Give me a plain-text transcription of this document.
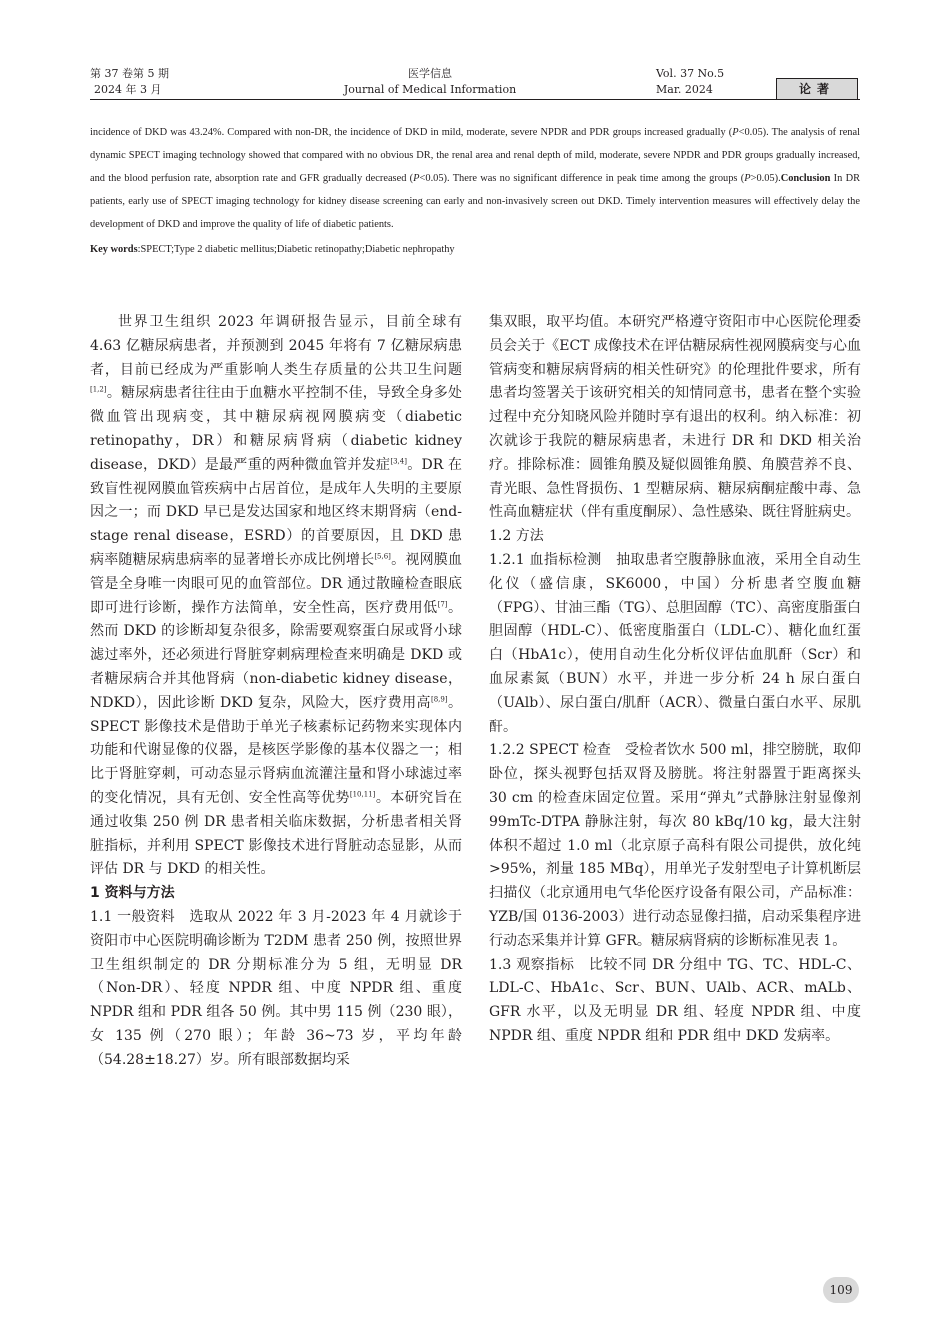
第 37 卷第 5 期
2024 年 3 月
医学信息
Journal of Medical Information
Vol. 37 No.5
Mar. 2024	论著

incidence of DKD was 43.24%. Compared with non-DR, the incidence of DKD in mild, moderate, severe NPDR and PDR groups increased gradually (P<0.05). The analysis of renal dynamic SPECT imaging technology showed that compared with no obvious DR, the renal area and renal depth of mild, moderate, severe NPDR and PDR groups gradually increased, and the blood perfusion rate, absorption rate and GFR gradually decreased (P<0.05). There was no significant difference in peak time among the groups (P>0.05).Conclusion In DR patients, early use of SPECT imaging technology for kidney disease screening can early and non-invasively screen out DKD. Timely intervention measures will effectively delay the development of DKD and improve the quality of life of diabetic patients.

Key words:SPECT;Type 2 diabetic mellitus;Diabetic retinopathy;Diabetic nephropathy

世界卫生组织 2023 年调研报告显示，目前全球有 4.63 亿糖尿病患者，并预测到 2045 年将有 7 亿糖尿病患者，目前已经成为严重影响人类生存质量的公共卫生问题[1,2]。糖尿病患者往往由于血糖水平控制不佳，导致全身多处微血管出现病变，其中糖尿病视网膜病变（diabetic retinopathy，DR）和糖尿病肾病（diabetic kidney disease，DKD）是最严重的两种微血管并发症[3,4]。DR 在致盲性视网膜血管疾病中占居首位，是成年人失明的主要原因之一；而 DKD 早已是发达国家和地区终末期肾病（end-stage renal disease，ESRD）的首要原因，且 DKD 患病率随糖尿病患病率的显著增长亦成比例增长[5,6]。视网膜血管是全身唯一肉眼可见的血管部位。DR 通过散瞳检查眼底即可进行诊断，操作方法简单，安全性高，医疗费用低[7]。然而 DKD 的诊断却复杂很多，除需要观察蛋白尿或肾小球滤过率外，还必须进行肾脏穿刺病理检查来明确是 DKD 或者糖尿病合并其他肾病（non-diabetic kidney disease，NDKD），因此诊断 DKD 复杂，风险大，医疗费用高[8,9]。SPECT 影像技术是借助于单光子核素标记药物来实现体内功能和代谢显像的仪器，是核医学影像的基本仪器之一；相比于肾脏穿刺，可动态显示肾病血流灌注量和肾小球滤过率的变化情况，具有无创、安全性高等优势[10,11]。本研究旨在通过收集 250 例 DR 患者相关临床数据，分析患者相关肾脏指标，并利用 SPECT 影像技术进行肾脏动态显影，从而评估 DR 与 DKD 的相关性。

1 资料与方法

1.1 一般资料　选取从 2022 年 3 月-2023 年 4 月就诊于资阳市中心医院明确诊断为 T2DM 患者 250 例，按照世界卫生组织制定的 DR 分期标准分为 5 组，无明显 DR（Non-DR）、轻度 NPDR 组、中度 NPDR 组、重度 NPDR 组和 PDR 组各 50 例。其中男 115 例（230 眼），女 135 例（270 眼）；年龄 36~73 岁，平均年龄（54.28±18.27）岁。所有眼部数据均采

集双眼，取平均值。本研究严格遵守资阳市中心医院伦理委员会关于《ECT 成像技术在评估糖尿病性视网膜病变与心血管病变和糖尿病肾病的相关性研究》的伦理批件要求，所有患者均签署关于该研究相关的知情同意书，患者在整个实验过程中充分知晓风险并随时享有退出的权利。纳入标准：初次就诊于我院的糖尿病患者，未进行 DR 和 DKD 相关治疗。排除标准：圆锥角膜及疑似圆锥角膜、角膜营养不良、青光眼、急性肾损伤、1 型糖尿病、糖尿病酮症酸中毒、急性高血糖症状（伴有重度酮尿）、急性感染、既往肾脏病史。

1.2 方法

1.2.1 血指标检测　抽取患者空腹静脉血液，采用全自动生化仪（盛信康，SK6000，中国）分析患者空腹血糖（FPG）、甘油三酯（TG）、总胆固醇（TC）、高密度脂蛋白胆固醇（HDL-C）、低密度脂蛋白（LDL-C）、糖化血红蛋白（HbA1c），使用自动生化分析仪评估血肌酐（Scr）和血尿素氮（BUN）水平，并进一步分析 24 h 尿白蛋白（UAlb）、尿白蛋白/肌酐（ACR）、微量白蛋白水平、尿肌酐。

1.2.2 SPECT 检查　受检者饮水 500 ml，排空膀胱，取仰卧位，探头视野包括双肾及膀胱。将注射器置于距离探头 30 cm 的检查床固定位置。采用“弹丸”式静脉注射显像剂 99mTc-DTPA 静脉注射，每次 80 kBq/10 kg，最大注射体积不超过 1.0 ml（北京原子高科有限公司提供，放化纯>95%，剂量 185 MBq），用单光子发射型电子计算机断层扫描仪（北京通用电气华伦医疗设备有限公司，产品标准：YZB/国 0136-2003）进行动态显像扫描，启动采集程序进行动态采集并计算 GFR。糖尿病肾病的诊断标准见表 1。

1.3 观察指标　比较不同 DR 分组中 TG、TC、HDL-C、LDL-C、HbA1c、Scr、BUN、UAlb、ACR、mALb、GFR 水平，以及无明显 DR 组、轻度 NPDR 组、中度 NPDR 组、重度 NPDR 组和 PDR 组中 DKD 发病率。

109
